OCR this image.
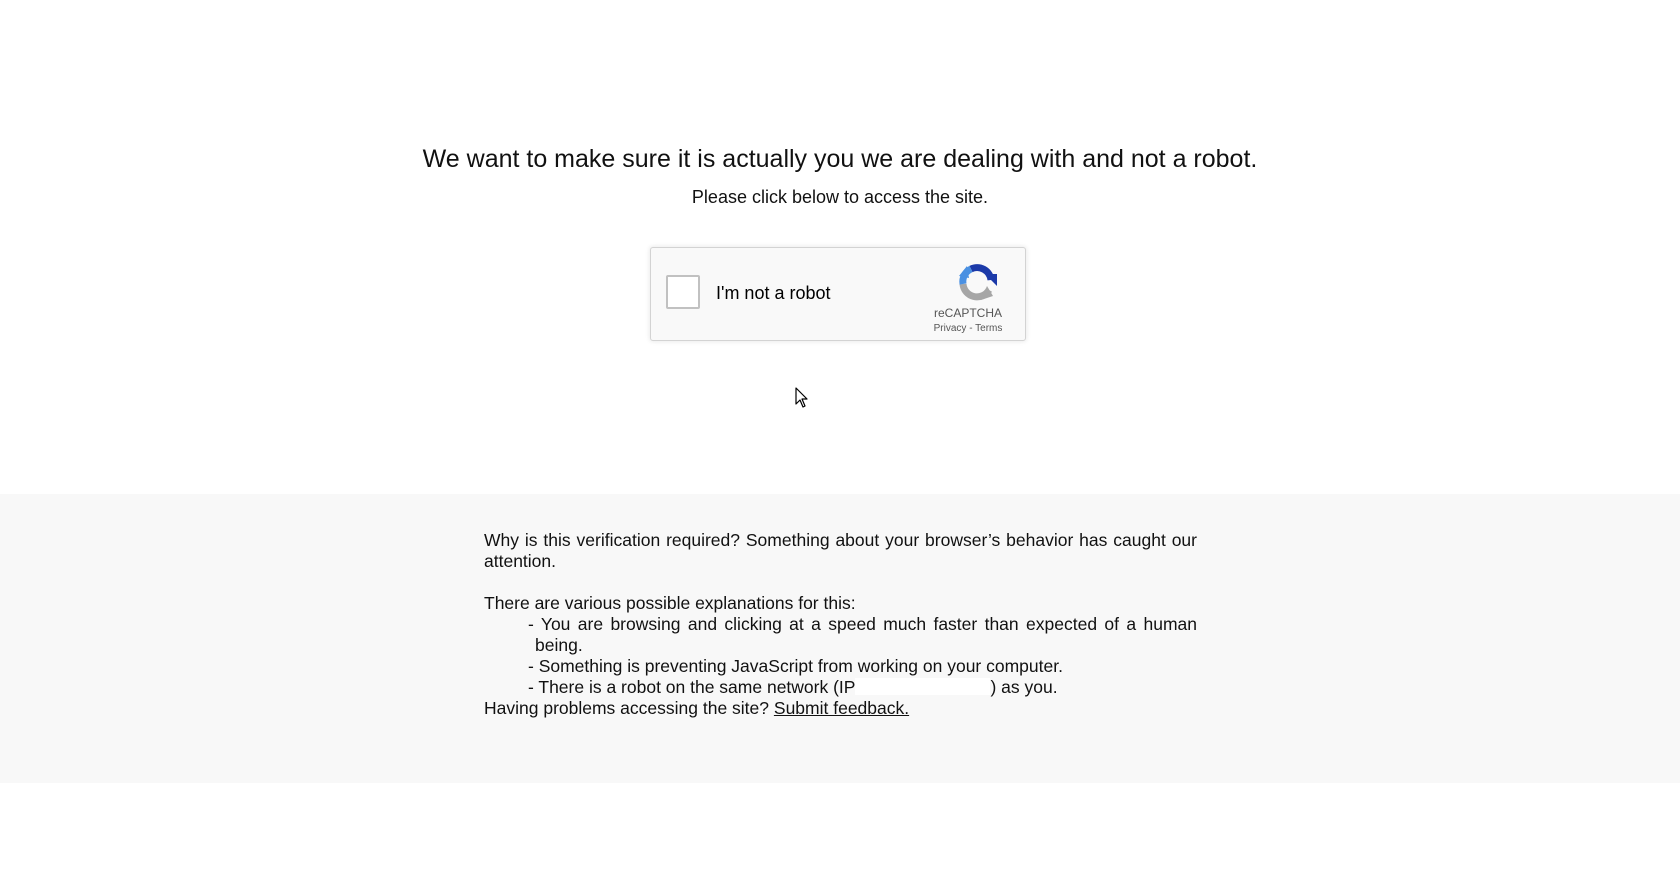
We want to make sure it is actually you we are dealing with and not a robot.
Please click below to access the site.
I'm not a robot
reCAPTCHA
Privacy - Terms

Why is this verification required? Something about your browser’s behavior has caught our attention.

There are various possible explanations for this:

- You are browsing and clicking at a speed much faster than expected of a human being.
- Something is preventing JavaScript from working on your computer.
- There is a robot on the same network (IP	) as you.

Having problems accessing the site? Submit feedback.
